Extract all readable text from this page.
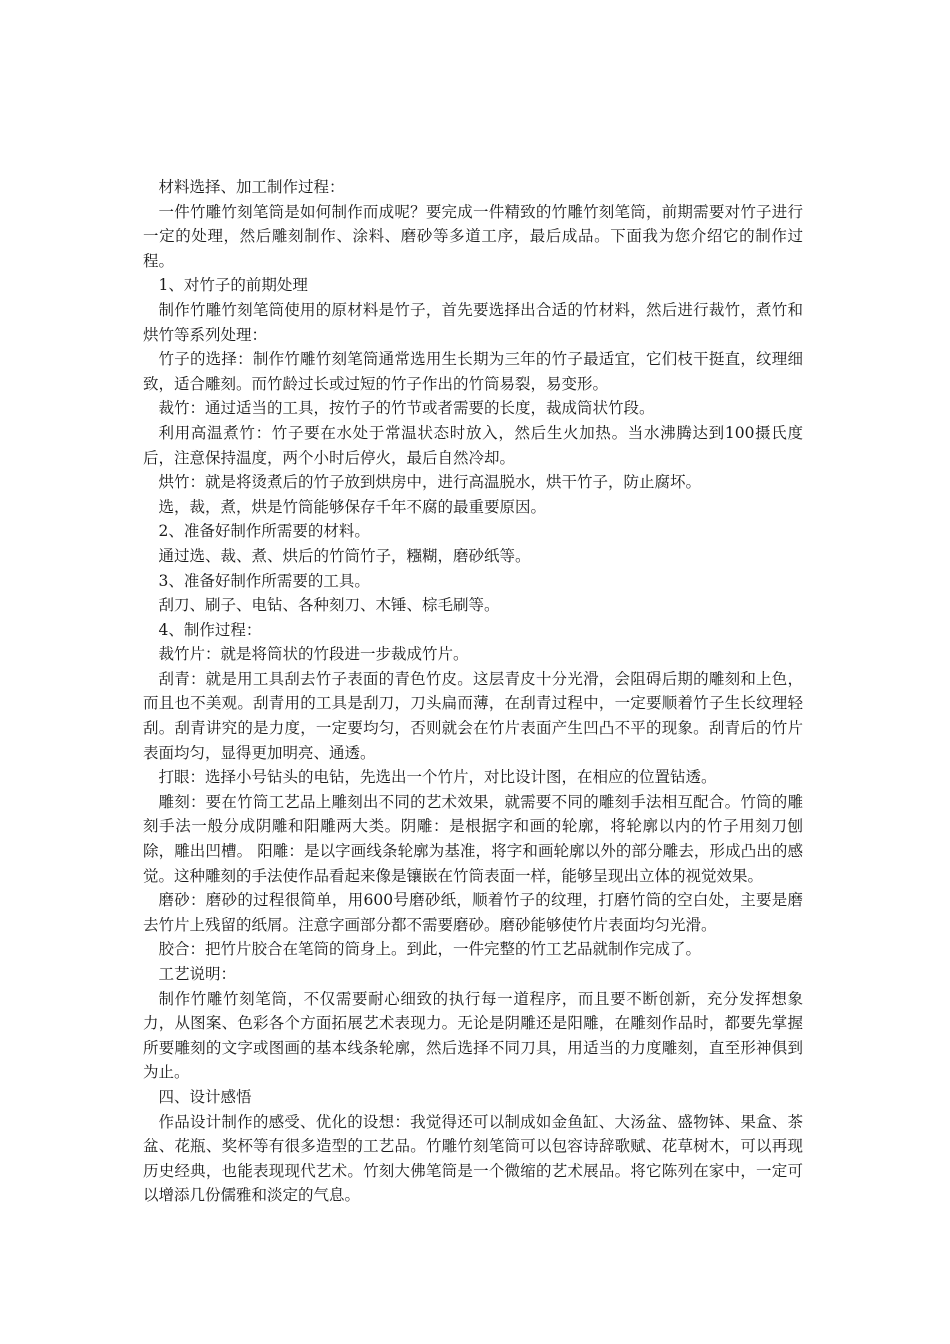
材料选择、加工制作过程：

一件竹雕竹刻笔筒是如何制作而成呢？要完成一件精致的竹雕竹刻笔筒，前期需要对竹子进行一定的处理，然后雕刻制作、涂料、磨砂等多道工序，最后成品。下面我为您介绍它的制作过程。

1、对竹子的前期处理

制作竹雕竹刻笔筒使用的原材料是竹子，首先要选择出合适的竹材料，然后进行裁竹，煮竹和烘竹等系列处理：

竹子的选择：制作竹雕竹刻笔筒通常选用生长期为三年的竹子最适宜，它们枝干挺直，纹理细致，适合雕刻。而竹龄过长或过短的竹子作出的竹筒易裂，易变形。

裁竹：通过适当的工具，按竹子的竹节或者需要的长度，裁成筒状竹段。

利用高温煮竹：竹子要在水处于常温状态时放入，然后生火加热。当水沸腾达到100摄氏度后，注意保持温度，两个小时后停火，最后自然冷却。

烘竹：就是将烫煮后的竹子放到烘房中，进行高温脱水，烘干竹子，防止腐坏。

选，裁，煮，烘是竹筒能够保存千年不腐的最重要原因。

2、准备好制作所需要的材料。

通过选、裁、煮、烘后的竹筒竹子，糨糊，磨砂纸等。

3、准备好制作所需要的工具。

刮刀、刷子、电钻、各种刻刀、木锤、棕毛刷等。

4、制作过程：

裁竹片：就是将筒状的竹段进一步裁成竹片。

刮青：就是用工具刮去竹子表面的青色竹皮。这层青皮十分光滑，会阻碍后期的雕刻和上色，而且也不美观。刮青用的工具是刮刀，刀头扁而薄，在刮青过程中，一定要顺着竹子生长纹理轻刮。刮青讲究的是力度，一定要均匀，否则就会在竹片表面产生凹凸不平的现象。刮青后的竹片表面均匀，显得更加明亮、通透。

打眼：选择小号钻头的电钻，先选出一个竹片，对比设计图，在相应的位置钻透。

雕刻：要在竹筒工艺品上雕刻出不同的艺术效果，就需要不同的雕刻手法相互配合。竹筒的雕刻手法一般分成阴雕和阳雕两大类。阴雕：是根据字和画的轮廓，将轮廓以内的竹子用刻刀刨除，雕出凹槽。 阳雕：是以字画线条轮廓为基准，将字和画轮廓以外的部分雕去，形成凸出的感觉。这种雕刻的手法使作品看起来像是镶嵌在竹筒表面一样，能够呈现出立体的视觉效果。

磨砂：磨砂的过程很简单，用600号磨砂纸，顺着竹子的纹理，打磨竹筒的空白处，主要是磨去竹片上残留的纸屑。注意字画部分都不需要磨砂。磨砂能够使竹片表面均匀光滑。

胶合：把竹片胶合在笔筒的筒身上。到此，一件完整的竹工艺品就制作完成了。

工艺说明：

制作竹雕竹刻笔筒，不仅需要耐心细致的执行每一道程序，而且要不断创新，充分发挥想象力，从图案、色彩各个方面拓展艺术表现力。无论是阴雕还是阳雕，在雕刻作品时，都要先掌握所要雕刻的文字或图画的基本线条轮廓，然后选择不同刀具，用适当的力度雕刻，直至形神俱到为止。

四、设计感悟

作品设计制作的感受、优化的设想：我觉得还可以制成如金鱼缸、大汤盆、盛物钵、果盒、茶盆、花瓶、奖杯等有很多造型的工艺品。竹雕竹刻笔筒可以包容诗辞歌赋、花草树木，可以再现历史经典，也能表现现代艺术。竹刻大佛笔筒是一个微缩的艺术展品。将它陈列在家中，一定可以增添几份儒雅和淡定的气息。
